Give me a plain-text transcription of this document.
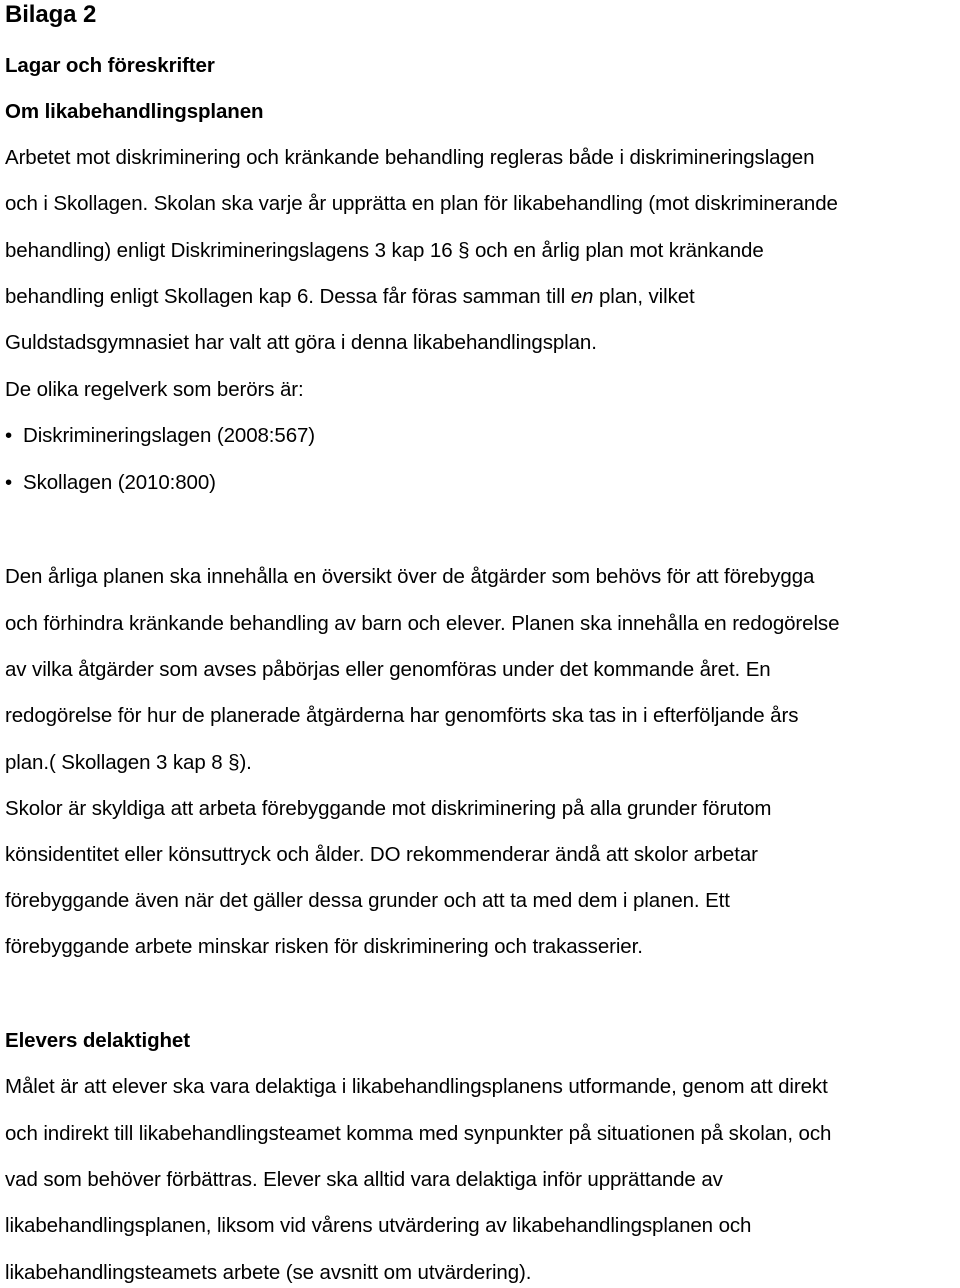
Bilaga 2
Lagar och föreskrifter
Om likabehandlingsplanen
Arbetet mot diskriminering och kränkande behandling regleras både i diskrimineringslagen
och i Skollagen. Skolan ska varje år upprätta en plan för likabehandling (mot diskriminerande
behandling) enligt Diskrimineringslagens 3 kap 16 § och en årlig plan mot kränkande
behandling enligt Skollagen kap 6. Dessa får föras samman till en plan, vilket
Guldstadsgymnasiet har valt att göra i denna likabehandlingsplan.
De olika regelverk som berörs är:
• Diskrimineringslagen (2008:567)
• Skollagen (2010:800)
Den årliga planen ska innehålla en översikt över de åtgärder som behövs för att förebygga
och förhindra kränkande behandling av barn och elever. Planen ska innehålla en redogörelse
av vilka åtgärder som avses påbörjas eller genomföras under det kommande året. En
redogörelse för hur de planerade åtgärderna har genomförts ska tas in i efterföljande års
plan.( Skollagen 3 kap 8 §).
Skolor är skyldiga att arbeta förebyggande mot diskriminering på alla grunder förutom
könsidentitet eller könsuttryck och ålder. DO rekommenderar ändå att skolor arbetar
förebyggande även när det gäller dessa grunder och att ta med dem i planen. Ett
förebyggande arbete minskar risken för diskriminering och trakasserier.
Elevers delaktighet
Målet är att elever ska vara delaktiga i likabehandlingsplanens utformande, genom att direkt
och indirekt till likabehandlingsteamet komma med synpunkter på situationen på skolan, och
vad som behöver förbättras. Elever ska alltid vara delaktiga inför upprättande av
likabehandlingsplanen, liksom vid vårens utvärdering av likabehandlingsplanen och
likabehandlingsteamets arbete (se avsnitt om utvärdering).
